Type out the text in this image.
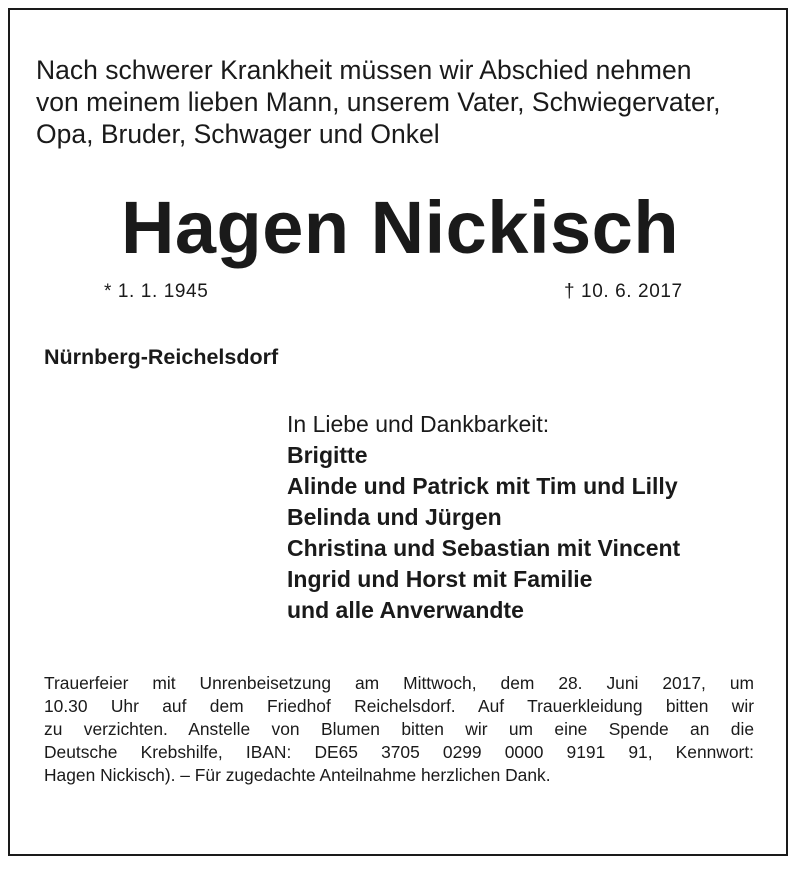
Nach schwerer Krankheit müssen wir Abschied nehmen
von meinem lieben Mann, unserem Vater, Schwiegervater,
Opa, Bruder, Schwager und Onkel

Hagen Nickisch
* 1. 1. 1945	† 10. 6. 2017

Nürnberg-Reichelsdorf

In Liebe und Dankbarkeit:
Brigitte
Alinde und Patrick mit Tim und Lilly
Belinda und Jürgen
Christina und Sebastian mit Vincent
Ingrid und Horst mit Familie
und alle Anverwandte

Trauerfeier mit Unrenbeisetzung am Mittwoch, dem 28. Juni 2017, um
10.30 Uhr auf dem Friedhof Reichelsdorf. Auf Trauerkleidung bitten wir
zu verzichten. Anstelle von Blumen bitten wir um eine Spende an die
Deutsche Krebshilfe, IBAN: DE65 3705 0299 0000 9191 91, Kennwort:
Hagen Nickisch). – Für zugedachte Anteilnahme herzlichen Dank.
